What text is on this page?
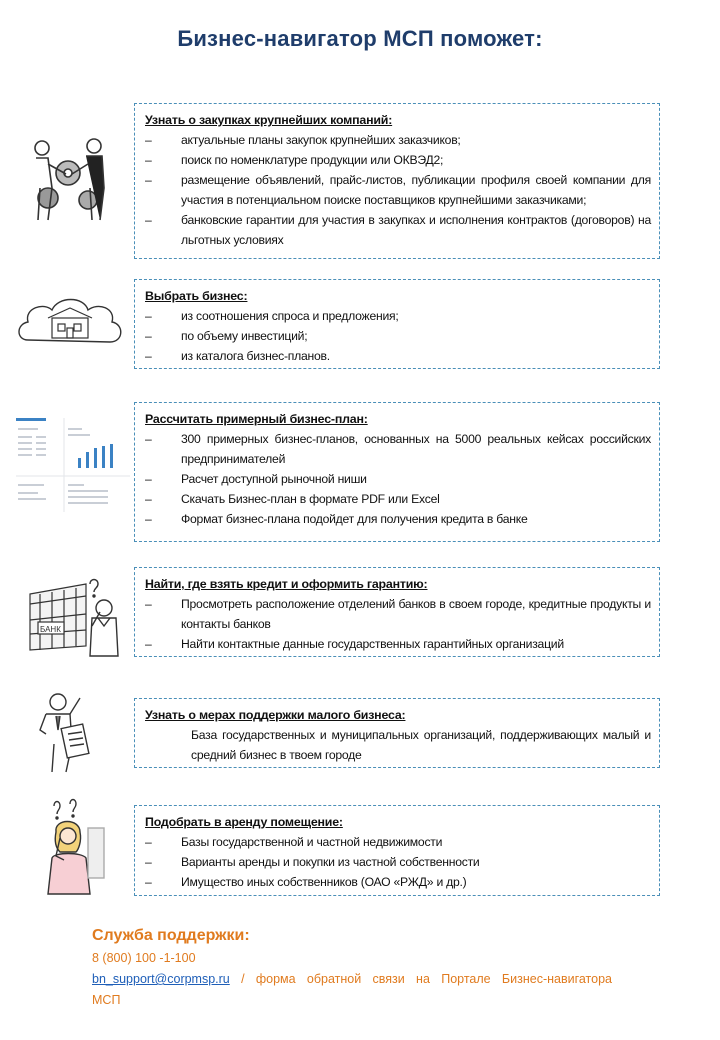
Бизнес-навигатор МСП поможет:
Узнать о закупках крупнейших компаний:
– актуальные планы закупок крупнейших заказчиков;
– поиск по номенклатуре продукции или ОКВЭД2;
– размещение объявлений, прайс-листов, публикации профиля своей компании для участия в потенциальном поиске поставщиков крупнейшими заказчиками;
– банковские гарантии для участия в закупках и исполнения контрактов (договоров) на льготных условиях
Выбрать бизнес:
– из соотношения спроса и предложения;
– по объему инвестиций;
– из каталога бизнес-планов.
Рассчитать примерный бизнес-план:
– 300 примерных бизнес-планов, основанных на 5000 реальных кейсах российских предпринимателей
– Расчет доступной рыночной ниши
– Скачать Бизнес-план в формате PDF или Excel
– Формат бизнес-плана подойдет для получения кредита в банке
БАНК
Найти, где взять кредит и оформить гарантию:
– Просмотреть расположение отделений банков в своем городе, кредитные продукты и контакты банков
– Найти контактные данные государственных гарантийных организаций
Узнать о мерах поддержки малого бизнеса:
База государственных и муниципальных организаций, поддерживающих малый и средний бизнес в твоем городе
Подобрать в аренду помещение:
– Базы государственной и частной недвижимости
– Варианты аренды и покупки из частной собственности
– Имущество иных собственников (ОАО «РЖД» и др.)
Служба поддержки:
8 (800) 100 -1-100
bn_support@corpmsp.ru / форма обратной связи на Портале Бизнес-навигатора
МСП
